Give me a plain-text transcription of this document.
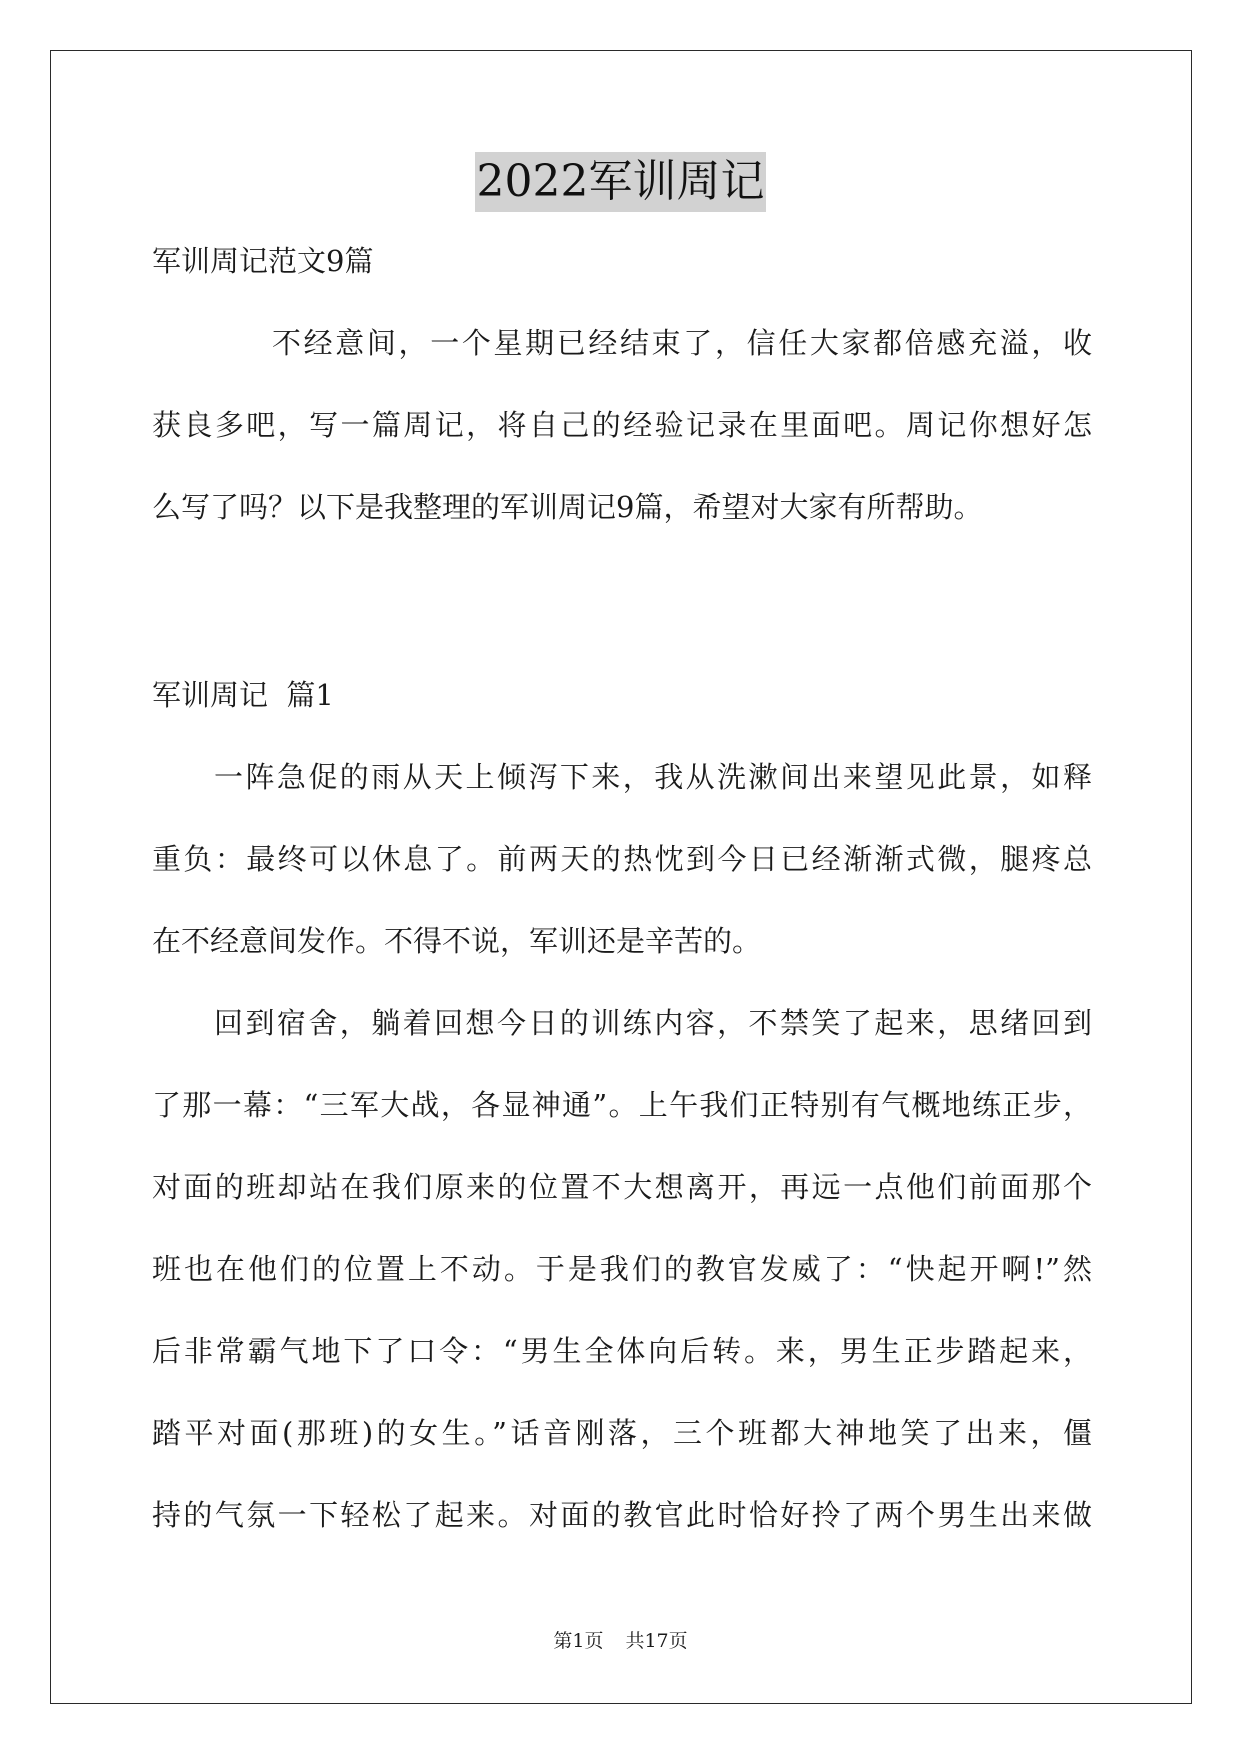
2022军训周记
军训周记范文9篇
不经意间，一个星期已经结束了，信任大家都倍感充溢，收
获良多吧，写一篇周记，将自己的经验记录在里面吧。周记你想好怎
么写了吗？以下是我整理的军训周记9篇，希望对大家有所帮助。
军训周记  篇1
一阵急促的雨从天上倾泻下来，我从洗漱间出来望见此景，如释
重负：最终可以休息了。前两天的热忱到今日已经渐渐式微，腿疼总
在不经意间发作。不得不说，军训还是辛苦的。
回到宿舍，躺着回想今日的训练内容，不禁笑了起来，思绪回到
了那一幕：“三军大战，各显神通”。上午我们正特别有气概地练正步，
对面的班却站在我们原来的位置不大想离开，再远一点他们前面那个
班也在他们的位置上不动。于是我们的教官发威了：“快起开啊!”然
后非常霸气地下了口令：“男生全体向后转。来，男生正步踏起来，
踏平对面(那班)的女生。”话音刚落，三个班都大神地笑了出来，僵
持的气氛一下轻松了起来。对面的教官此时恰好拎了两个男生出来做
第1页 共17页
